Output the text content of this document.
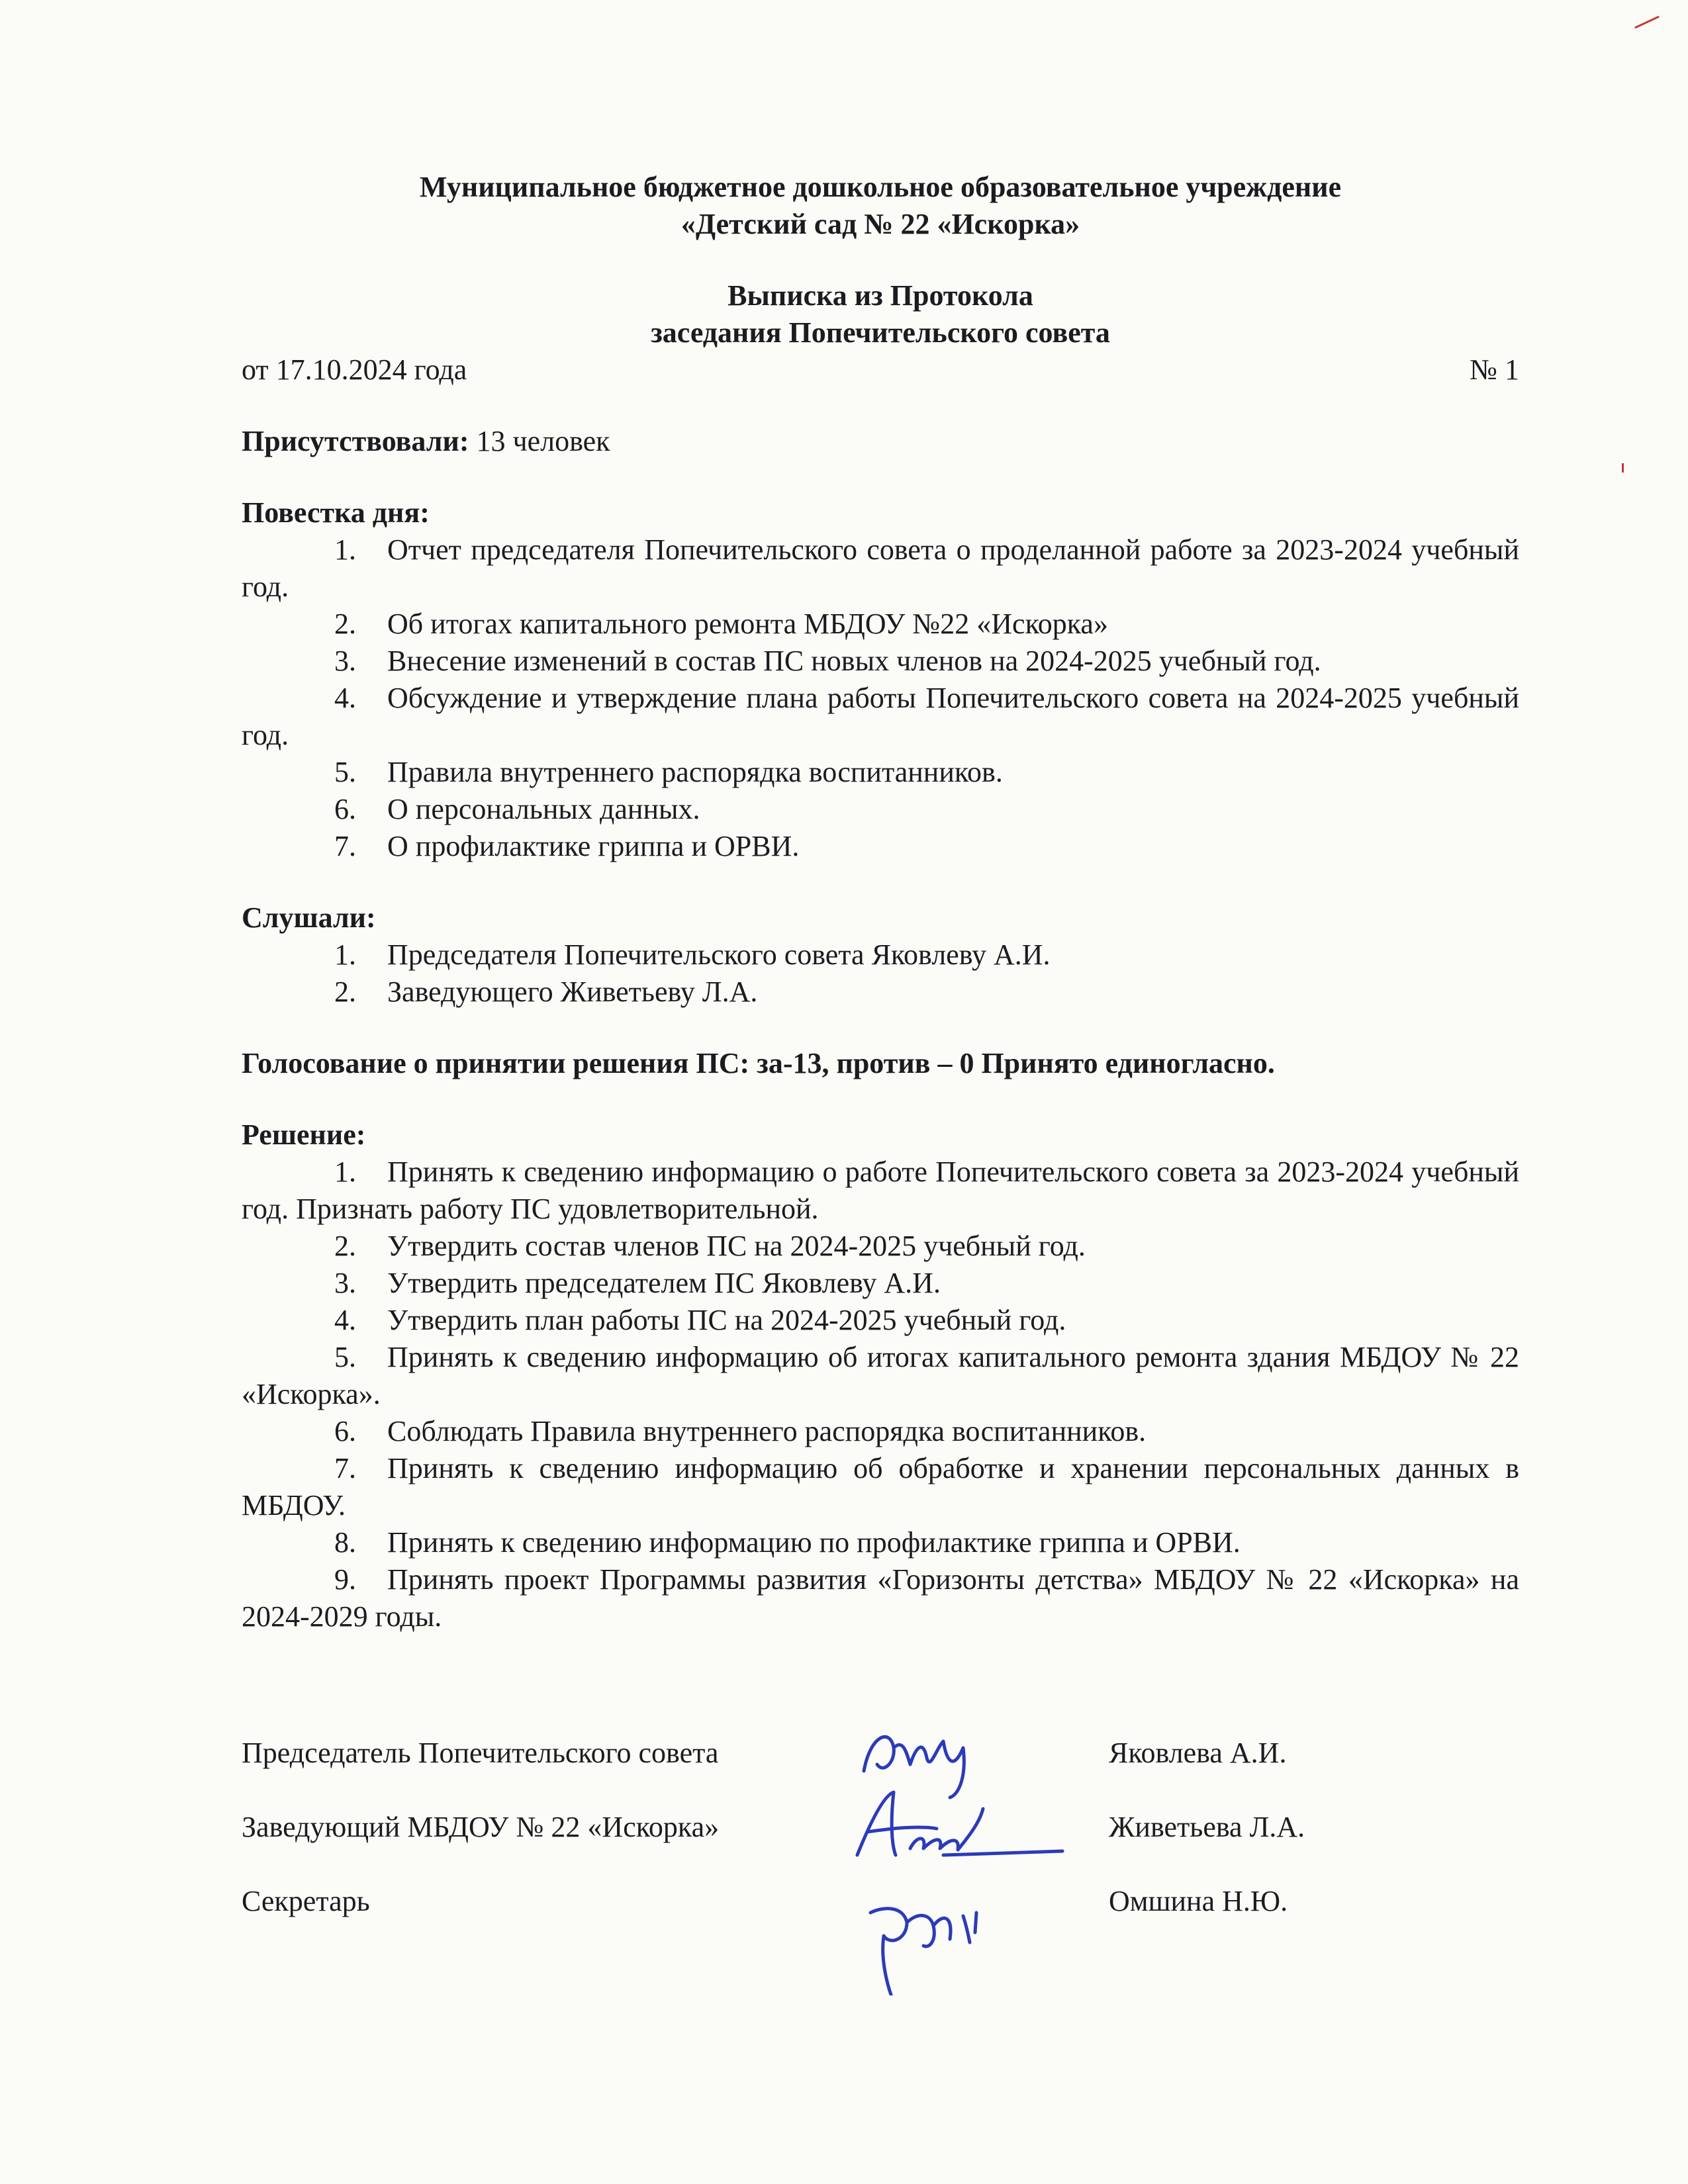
Муниципальное бюджетное дошкольное образовательное учреждение
«Детский сад № 22 «Искорка»
Выписка из Протокола
заседания Попечительского совета
от 17.10.2024 года	№ 1
Присутствовали: 13 человек
Повестка дня:
1. Отчет председателя Попечительского совета о проделанной работе за 2023-2024 учебный год.
2. Об итогах капитального ремонта МБДОУ №22 «Искорка»
3. Внесение изменений в состав ПС новых членов на 2024-2025 учебный год.
4. Обсуждение и утверждение плана работы Попечительского совета на 2024-2025 учебный год.
5. Правила внутреннего распорядка воспитанников.
6. О персональных данных.
7. О профилактике гриппа и ОРВИ.
Слушали:
1. Председателя Попечительского совета Яковлеву А.И.
2. Заведующего Живетьеву Л.А.
Голосование о принятии решения ПС: за-13, против – 0 Принято единогласно.
Решение:
1. Принять к сведению информацию о работе Попечительского совета за 2023-2024 учебный год. Признать работу ПС удовлетворительной.
2. Утвердить состав членов ПС на 2024-2025 учебный год.
3. Утвердить председателем ПС Яковлеву А.И.
4. Утвердить план работы ПС на 2024-2025 учебный год.
5. Принять к сведению информацию об итогах капитального ремонта здания МБДОУ № 22 «Искорка».
6. Соблюдать Правила внутреннего распорядка воспитанников.
7. Принять к сведению информацию об обработке и хранении персональных данных в МБДОУ.
8. Принять к сведению информацию по профилактике гриппа и ОРВИ.
9. Принять проект Программы развития «Горизонты детства» МБДОУ № 22 «Искорка» на 2024-2029 годы.
Председатель Попечительского совета	Яковлева А.И.
Заведующий МБДОУ № 22 «Искорка»	Живетьева Л.А.
Секретарь	Омшина Н.Ю.
